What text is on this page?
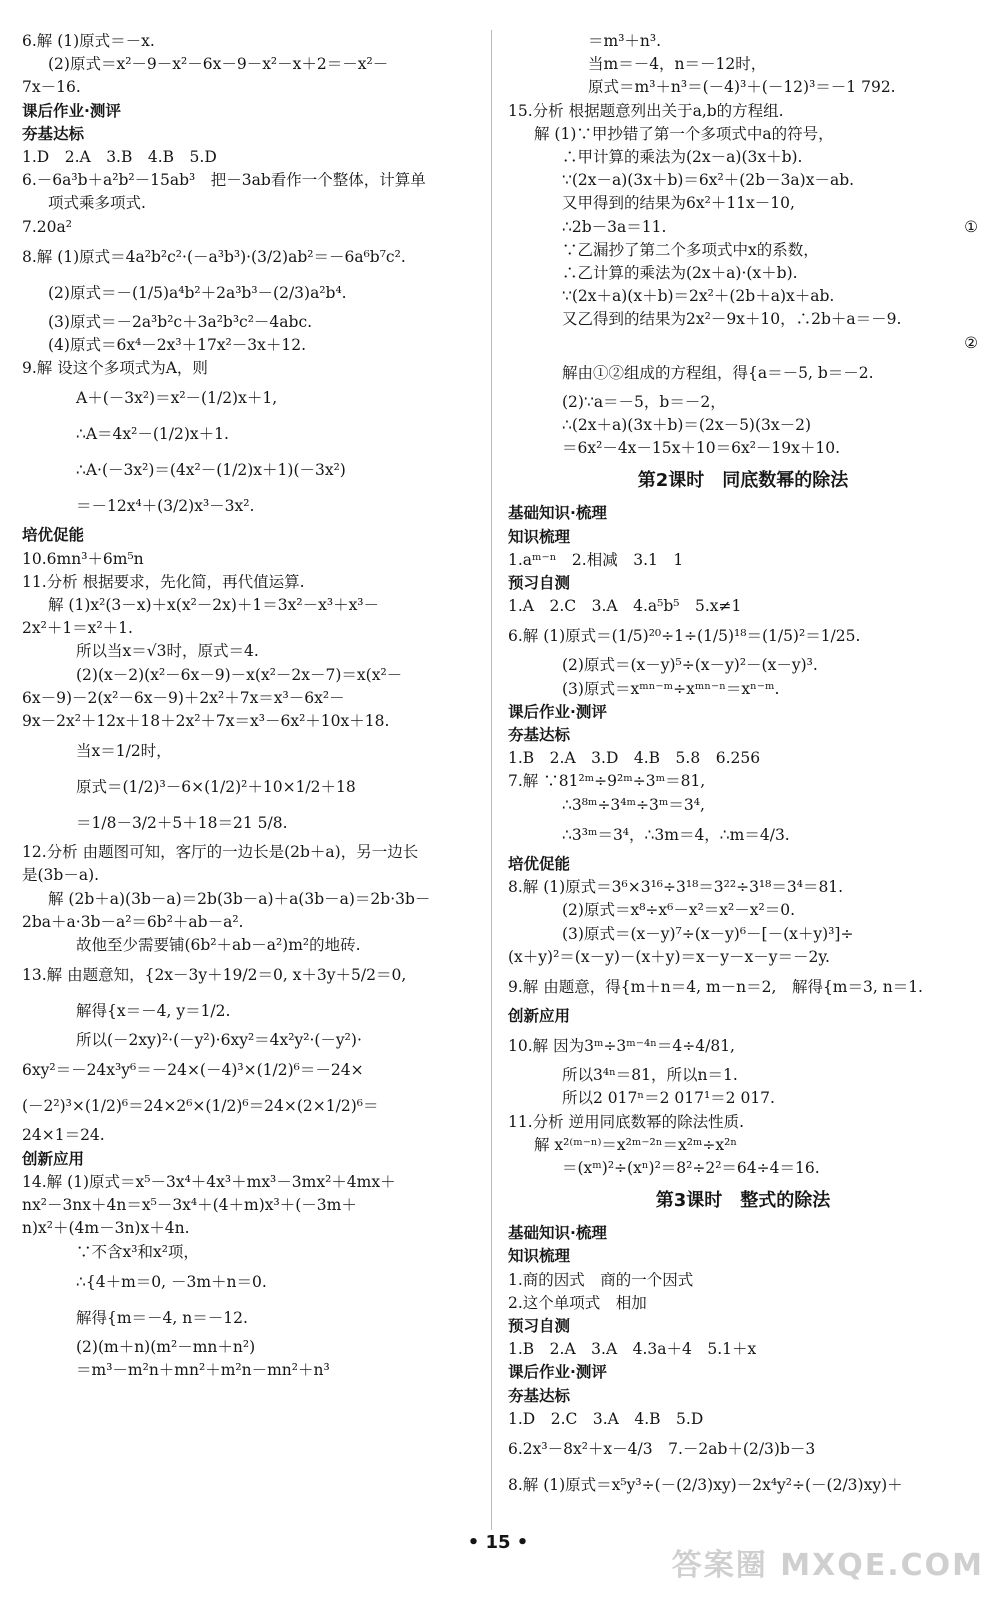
6.解 (1)原式＝－x.
(2)原式＝x²－9－x²－6x－9－x²－x＋2＝－x²－
7x－16.
课后作业·测评
夯基达标
1.D　2.A　3.B　4.B　5.D
6.－6a³b＋a²b²－15ab³　把－3ab看作一个整体，计算单
项式乘多项式.
7.20a²
8.解 (1)原式＝4a²b²c²·(－a³b³)·(3/2)ab²＝－6a⁶b⁷c².
(2)原式＝－(1/5)a⁴b²＋2a³b³－(2/3)a²b⁴.
(3)原式＝－2a³b²c＋3a²b³c²－4abc.
(4)原式＝6x⁴－2x³＋17x²－3x＋12.
9.解 设这个多项式为A，则
A＋(－3x²)＝x²－(1/2)x＋1,
∴A＝4x²－(1/2)x＋1.
∴A·(－3x²)＝(4x²－(1/2)x＋1)(－3x²)
＝－12x⁴＋(3/2)x³－3x².
培优促能
10.6mn³＋6m⁵n
11.分析 根据要求，先化简，再代值运算.
解 (1)x²(3－x)＋x(x²－2x)＋1＝3x²－x³＋x³－
2x²＋1＝x²＋1.
所以当x＝√3时，原式＝4.
(2)(x－2)(x²－6x－9)－x(x²－2x－7)＝x(x²－
6x－9)－2(x²－6x－9)＋2x²＋7x＝x³－6x²－
9x－2x²＋12x＋18＋2x²＋7x＝x³－6x²＋10x＋18.
当x＝1/2时，
原式＝(1/2)³－6×(1/2)²＋10×1/2＋18
＝1/8－3/2＋5＋18＝21 5/8.
12.分析 由题图可知，客厅的一边长是(2b＋a)，另一边长
是(3b－a).
解 (2b＋a)(3b－a)＝2b(3b－a)＋a(3b－a)＝2b·3b－
2ba＋a·3b－a²＝6b²＋ab－a².
故他至少需要铺(6b²＋ab－a²)m²的地砖.
13.解 由题意知，{2x－3y＋19/2＝0, x＋3y＋5/2＝0,
解得{x＝－4, y＝1/2.
所以(－2xy)²·(－y²)·6xy²＝4x²y²·(－y²)·
6xy²＝－24x³y⁶＝－24×(－4)³×(1/2)⁶＝－24×
(－2²)³×(1/2)⁶＝24×2⁶×(1/2)⁶＝24×(2×1/2)⁶＝
24×1＝24.
创新应用
14.解 (1)原式＝x⁵－3x⁴＋4x³＋mx³－3mx²＋4mx＋
nx²－3nx＋4n＝x⁵－3x⁴＋(4＋m)x³＋(－3m＋
n)x²＋(4m－3n)x＋4n.
∵不含x³和x²项，
∴{4＋m＝0, －3m＋n＝0.
解得{m＝－4, n＝－12.
(2)(m＋n)(m²－mn＋n²)
＝m³－m²n＋mn²＋m²n－mn²＋n³
＝m³＋n³.
当m＝－4，n＝－12时，
原式＝m³＋n³＝(－4)³＋(－12)³＝－1 792.
15.分析 根据题意列出关于a,b的方程组.
解 (1)∵甲抄错了第一个多项式中a的符号，
∴甲计算的乘法为(2x－a)(3x＋b).
∵(2x－a)(3x＋b)＝6x²＋(2b－3a)x－ab.
又甲得到的结果为6x²＋11x－10,
①
∴2b－3a＝11.
∵乙漏抄了第二个多项式中x的系数，
∴乙计算的乘法为(2x＋a)·(x＋b).
∵(2x＋a)(x＋b)＝2x²＋(2b＋a)x＋ab.
又乙得到的结果为2x²－9x＋10，∴2b＋a＝－9.
②
解由①②组成的方程组，得{a＝－5, b＝－2.
(2)∵a＝－5，b＝－2，
∴(2x＋a)(3x＋b)＝(2x－5)(3x－2)
＝6x²－4x－15x＋10＝6x²－19x＋10.
第2课时　同底数幂的除法
基础知识·梳理
知识梳理
1.aᵐ⁻ⁿ　2.相减　3.1　1
预习自测
1.A　2.C　3.A　4.a⁵b⁵　5.x≠1
6.解 (1)原式＝(1/5)²⁰÷1÷(1/5)¹⁸＝(1/5)²＝1/25.
(2)原式＝(x－y)⁵÷(x－y)²－(x－y)³.
(3)原式＝xᵐⁿ⁻ᵐ÷xᵐⁿ⁻ⁿ＝xⁿ⁻ᵐ.
课后作业·测评
夯基达标
1.B　2.A　3.D　4.B　5.8　6.256
7.解 ∵81²ᵐ÷9²ᵐ÷3ᵐ＝81,
∴3⁸ᵐ÷3⁴ᵐ÷3ᵐ＝3⁴,
∴3³ᵐ＝3⁴，∴3m＝4，∴m＝4/3.
培优促能
8.解 (1)原式＝3⁶×3¹⁶÷3¹⁸＝3²²÷3¹⁸＝3⁴＝81.
(2)原式＝x⁸÷x⁶－x²＝x²－x²＝0.
(3)原式＝(x－y)⁷÷(x－y)⁶－[－(x＋y)³]÷
(x＋y)²＝(x－y)－(x＋y)＝x－y－x－y＝－2y.
9.解 由题意，得{m＋n＝4, m－n＝2,　解得{m＝3, n＝1.
创新应用
10.解 因为3ᵐ÷3ᵐ⁻⁴ⁿ＝4÷4/81,
所以3⁴ⁿ＝81，所以n＝1.
所以2 017ⁿ＝2 017¹＝2 017.
11.分析 逆用同底数幂的除法性质.
解 x²⁽ᵐ⁻ⁿ⁾＝x²ᵐ⁻²ⁿ＝x²ᵐ÷x²ⁿ
＝(xᵐ)²÷(xⁿ)²＝8²÷2²＝64÷4＝16.
第3课时　整式的除法
基础知识·梳理
知识梳理
1.商的因式　商的一个因式
2.这个单项式　相加
预习自测
1.B　2.A　3.A　4.3a＋4　5.1＋x
课后作业·测评
夯基达标
1.D　2.C　3.A　4.B　5.D
6.2x³－8x²＋x－4/3　7.－2ab＋(2/3)b－3
8.解 (1)原式＝x⁵y³÷(－(2/3)xy)－2x⁴y²÷(－(2/3)xy)＋
• 15 •
答案圈 MXQE.COM
